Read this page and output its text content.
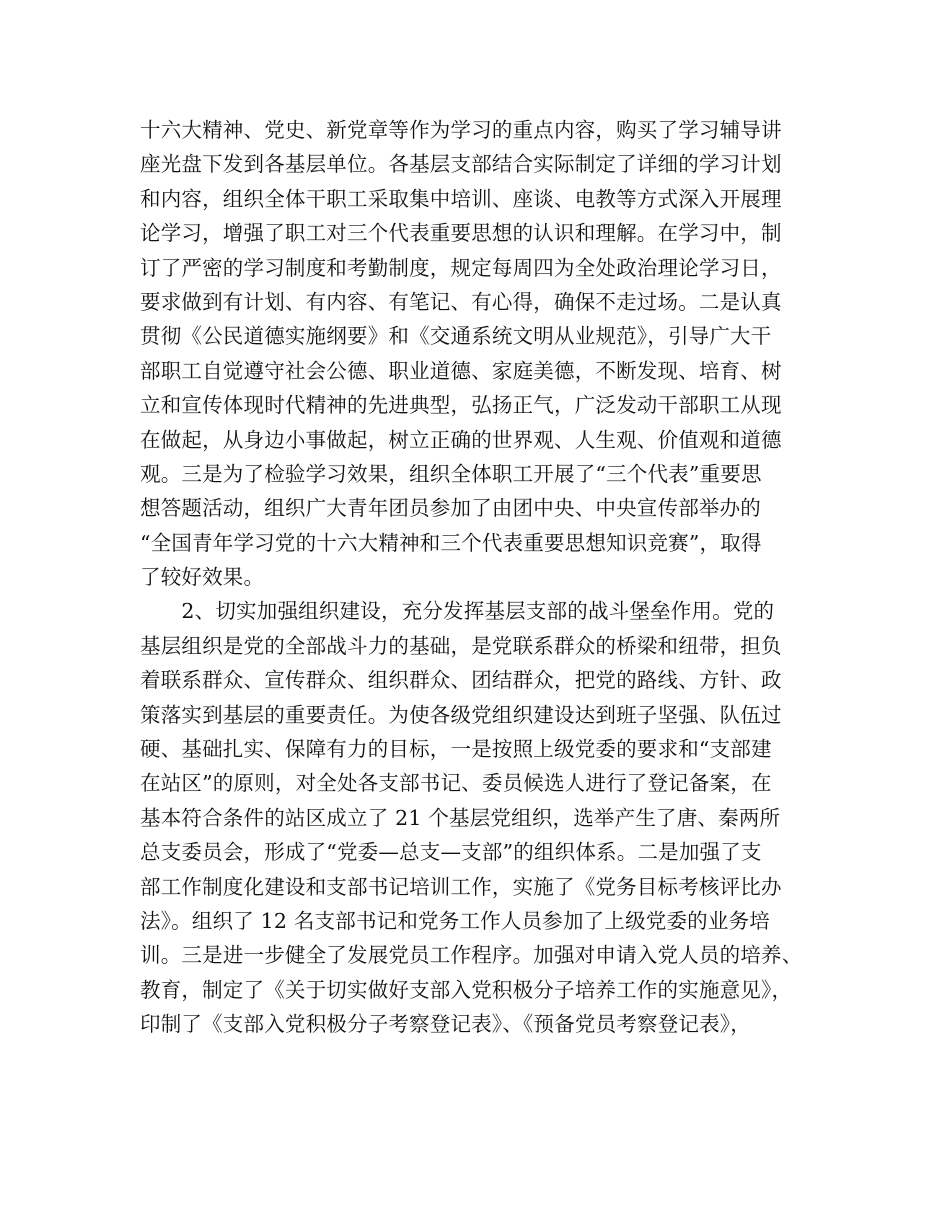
十六大精神、党史、新党章等作为学习的重点内容，购买了学习辅导讲
座光盘下发到各基层单位。各基层支部结合实际制定了详细的学习计划
和内容，组织全体干职工采取集中培训、座谈、电教等方式深入开展理
论学习，增强了职工对三个代表重要思想的认识和理解。在学习中，制
订了严密的学习制度和考勤制度，规定每周四为全处政治理论学习日，
要求做到有计划、有内容、有笔记、有心得，确保不走过场。二是认真
贯彻《公民道德实施纲要》和《交通系统文明从业规范》，引导广大干
部职工自觉遵守社会公德、职业道德、家庭美德，不断发现、培育、树
立和宣传体现时代精神的先进典型，弘扬正气，广泛发动干部职工从现
在做起，从身边小事做起，树立正确的世界观、人生观、价值观和道德
观。三是为了检验学习效果，组织全体职工开展了“三个代表”重要思
想答题活动，组织广大青年团员参加了由团中央、中央宣传部举办的
“全国青年学习党的十六大精神和三个代表重要思想知识竞赛”，取得
了较好效果。
　　2、切实加强组织建设，充分发挥基层支部的战斗堡垒作用。党的
基层组织是党的全部战斗力的基础，是党联系群众的桥梁和纽带，担负
着联系群众、宣传群众、组织群众、团结群众，把党的路线、方针、政
策落实到基层的重要责任。为使各级党组织建设达到班子坚强、队伍过
硬、基础扎实、保障有力的目标，一是按照上级党委的要求和“支部建
在站区”的原则，对全处各支部书记、委员候选人进行了登记备案，在
基本符合条件的站区成立了 21 个基层党组织，选举产生了唐、秦两所
总支委员会，形成了“党委—总支—支部”的组织体系。二是加强了支
部工作制度化建设和支部书记培训工作，实施了《党务目标考核评比办
法》。组织了 12 名支部书记和党务工作人员参加了上级党委的业务培
训。三是进一步健全了发展党员工作程序。加强对申请入党人员的培养、
教育，制定了《关于切实做好支部入党积极分子培养工作的实施意见》，
印制了《支部入党积极分子考察登记表》、《预备党员考察登记表》，
